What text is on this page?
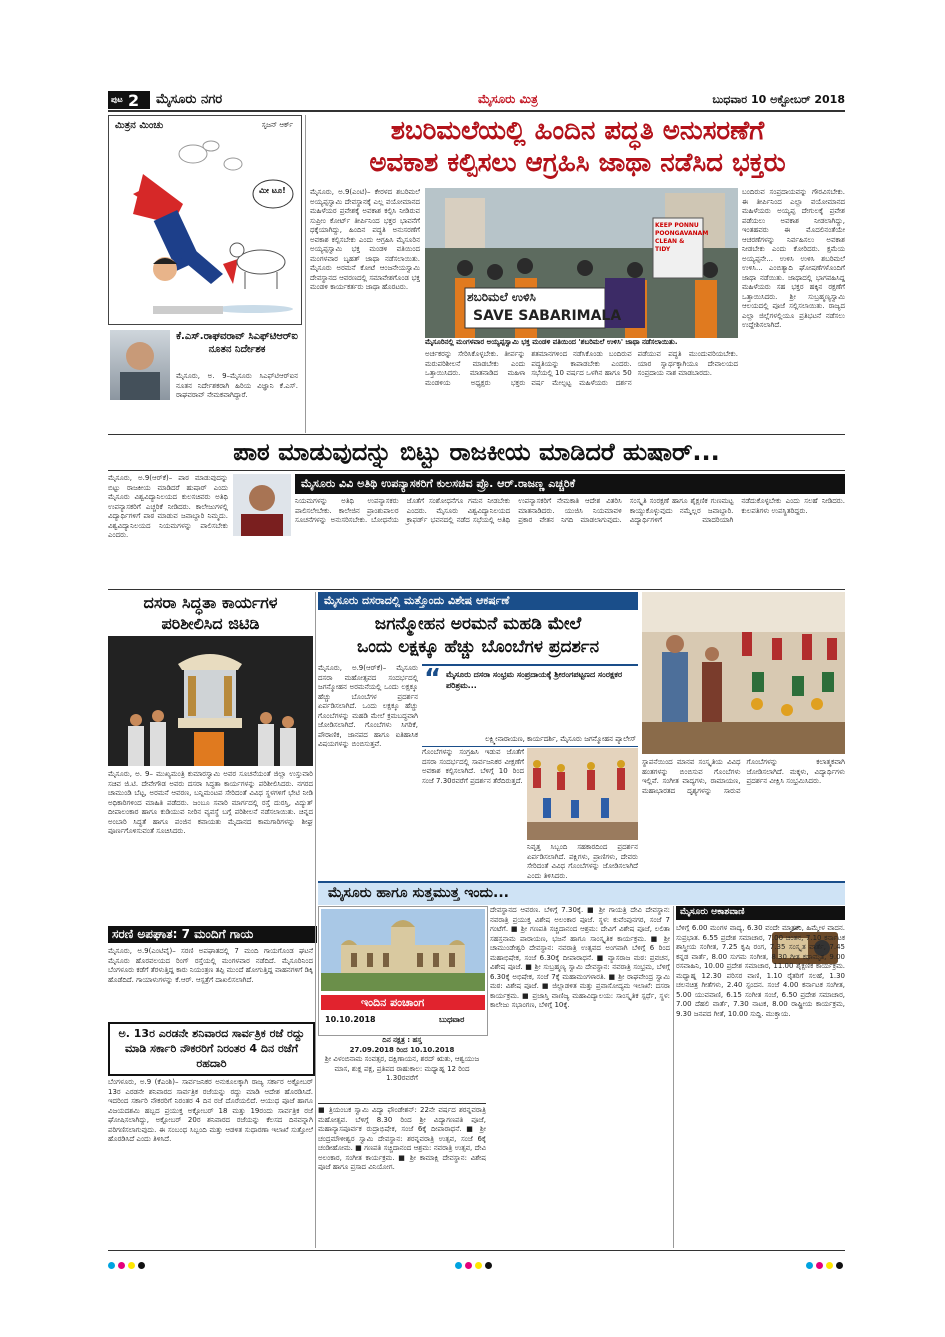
ಪುಟ 2 ಮೈಸೂರು ನಗರ	ಮೈಸೂರು ಮಿತ್ರ	ಬುಧವಾರ 10 ಅಕ್ಟೋಬರ್ 2018
ಮಿತ್ರನ ಮಿಂಚು	ಸೃಜನ್ ಆರ್ಕ್
ಮೀ ಟೂ!
ಕೆ.ಎಸ್.ರಾಘವರಾವ್ ಸಿಎಫ್‌ಟಿಆರ್‌ಐ ನೂತನ ನಿರ್ದೇಶಕ
ಮೈಸೂರು, ಅ. 9–ಮೈಸೂರು ಸಿಎಫ್‌ಟಿಆರ್‌ಐನ ನೂತನ ನಿರ್ದೇಶಕರಾಗಿ ಹಿರಿಯ ವಿಜ್ಞಾನಿ ಕೆ.ಎಸ್. ರಾಘವರಾವ್ ನೇಮಕವಾಗಿದ್ದಾರೆ.
ಶಬರಿಮಲೆಯಲ್ಲಿ ಹಿಂದಿನ ಪದ್ಧತಿ ಅನುಸರಣೆಗೆ
ಅವಕಾಶ ಕಲ್ಪಿಸಲು ಆಗ್ರಹಿಸಿ ಜಾಥಾ ನಡೆಸಿದ ಭಕ್ತರು
ಮೈಸೂರು, ಅ.9(ಎಂಟಿ)– ಕೇರಳದ ಶಬರಿಮಲೆ ಅಯ್ಯಪ್ಪಸ್ವಾಮಿ ದೇವಸ್ಥಾನಕ್ಕೆ ಎಲ್ಲ ವಯೋಮಾನದ ಮಹಿಳೆಯರ ಪ್ರವೇಶಕ್ಕೆ ಅವಕಾಶ ಕಲ್ಪಿಸಿ ನೀಡಿರುವ ಸುಪ್ರೀಂ ಕೋರ್ಟ್‌ ತೀರ್ಪಿನಿಂದ ಭಕ್ತರ ಭಾವನೆಗೆ ಧಕ್ಕೆಯಾಗಿದ್ದು, ಹಿಂದಿನ ಪದ್ಧತಿ ಅನುಸರಣೆಗೆ ಅವಕಾಶ ಕಲ್ಪಿಸಬೇಕು ಎಂದು ಆಗ್ರಹಿಸಿ ಮೈಸೂರಿನ ಅಯ್ಯಪ್ಪಸ್ವಾಮಿ ಭಕ್ತ ಮಂಡಳಿ ವತಿಯಿಂದ ಮಂಗಳವಾರ ಬೃಹತ್ ಜಾಥಾ ನಡೆಸಲಾಯಿತು. ಮೈಸೂರು ಅರಮನೆ ಕೋಟೆ ಆಂಜನೇಯಸ್ವಾಮಿ ದೇವಸ್ಥಾನದ ಆವರಣದಲ್ಲಿ ಸಮಾವೇಶಗೊಂಡ ಭಕ್ತ ಮಂಡಳಿ ಕಾರ್ಯಕರ್ತರು ಜಾಥಾ ಹೊರಟರು.
ಶಬರಿಮಲೆ ಉಳಿಸಿ
SAVE SABARIMALA
KEEP PONNU POONGAVANAM CLEAN & TIDY
ಬಂದಿರುವ ಸಂಪ್ರದಾಯವನ್ನು ಗೌರವಿಸಬೇಕು. ಈ ತೀರ್ಪಿನಿಂದ ಎಲ್ಲಾ ವಯೋಮಾನದ ಮಹಿಳೆಯರು ಅಯ್ಯಪ್ಪ ದೇಗುಲಕ್ಕೆ ಪ್ರವೇಶ ಪಡೆಯಲು ಅವಕಾಶ ನೀಡಲಾಗಿದ್ದು, ಇಂತಹವರು ಈ ಮೊದಲಿನಂತೆಯೇ ಆಚರಣೆಗಳನ್ನು ನಿರ್ವಹಿಸಲು ಅವಕಾಶ ನೀಡಬೇಕು ಎಂದು ಕೋರಿದರು. ಕ್ಷಮೆಯ ಅಯ್ಯಪ್ಪನೇ... ಉಳಿಸಿ ಉಳಿಸಿ ಶಬರಿಮಲೆ ಉಳಿಸಿ... ಎಂಬಿತ್ಯಾದಿ ಘೋಷಣೆಗಳೊಂದಿಗೆ ಜಾಥಾ ನಡೆಯಿತು. ಜಾಥಾದಲ್ಲಿ ಭಾಗವಹಿಸಿದ್ದ ಮಹಿಳೆಯರು ಸಹ ಭಕ್ತರ ಹಕ್ಕಿನ ರಕ್ಷಣೆಗೆ ಒತ್ತಾಯಿಸಿದರು. ಶ್ರೀ ಸುಬ್ರಹ್ಮಣ್ಯಸ್ವಾಮಿ ಆಲಯದಲ್ಲಿ ಪೂಜೆ ಸಲ್ಲಿಸಲಾಯಿತು. ರಾಜ್ಯದ ಎಲ್ಲಾ ಜಿಲ್ಲೆಗಳಲ್ಲಿಯೂ ಪ್ರತಿಭಟನೆ ನಡೆಸಲು ಉದ್ದೇಶಿಸಲಾಗಿದೆ.
ಮೈಸೂರಿನಲ್ಲಿ ಮಂಗಳವಾರ ಅಯ್ಯಪ್ಪಸ್ವಾಮಿ ಭಕ್ತ ಮಂಡಳಿ ವತಿಯಿಂದ 'ಶಬರಿಮಲೆ ಉಳಿಸಿ' ಜಾಥಾ ನಡೆಸಲಾಯಿತು.
ಅರ್ಚಕರನ್ನು ಸೇರಿಸಿಕೊಳ್ಳಬೇಕು. ತೀರ್ಪನ್ನು ಮರುಪರಿಶೀಲನೆ ಮಾಡಬೇಕು ಎಂದು ಒತ್ತಾಯಿಸಿದರು. ಮಾತನಾಡಿದ ಮಹಿಳಾ ಮಂಡಳಿಯ ಅಧ್ಯಕ್ಷರು ಭಕ್ತರು ಶತಮಾನಗಳಿಂದ ನಡೆಸಿಕೊಂಡು ಬಂದಿರುವ ಪದ್ಧತಿಯನ್ನು ಕಾಪಾಡಬೇಕು ಎಂದರು. ಸಭೆಯಲ್ಲಿ 10 ವರ್ಷದ ಒಳಗಿನ ಹಾಗೂ 50 ವರ್ಷ ಮೇಲ್ಪಟ್ಟ ಮಹಿಳೆಯರು ದರ್ಶನ ಪಡೆಯುವ ಪದ್ಧತಿ ಮುಂದುವರಿಯಬೇಕು. ಯಾರ ಸ್ವಾರ್ಥಕ್ಕಾಗಿಯೂ ದೇವಾಲಯದ ಸಂಪ್ರದಾಯ ನಾಶ ಮಾಡಬಾರದು.
ಪಾಠ ಮಾಡುವುದನ್ನು ಬಿಟ್ಟು ರಾಜಕೀಯ ಮಾಡಿದರೆ ಹುಷಾರ್...
ಮೈಸೂರು, ಅ.9(ಆರ್‌ಕೆ)– ಪಾಠ ಮಾಡುವುದನ್ನು ಬಿಟ್ಟು ರಾಜಕೀಯ ಮಾಡಿದರೆ ಹುಷಾರ್ ಎಂದು ಮೈಸೂರು ವಿಶ್ವವಿದ್ಯಾನಿಲಯದ ಕುಲಸಚಿವರು ಅತಿಥಿ ಉಪನ್ಯಾಸಕರಿಗೆ ಎಚ್ಚರಿಕೆ ನೀಡಿದರು. ಕಾಲೇಜುಗಳಲ್ಲಿ ವಿದ್ಯಾರ್ಥಿಗಳಿಗೆ ಪಾಠ ಮಾಡುವ ಜವಾಬ್ದಾರಿ ನಿಮ್ಮದು. ವಿಶ್ವವಿದ್ಯಾನಿಲಯದ ನಿಯಮಗಳನ್ನು ಪಾಲಿಸಬೇಕು ಎಂದರು.
ಮೈಸೂರು ವಿವಿ ಅತಿಥಿ ಉಪನ್ಯಾಸಕರಿಗೆ ಕುಲಸಚಿವ ಪ್ರೊ. ಆರ್.ರಾಜಣ್ಣ ಎಚ್ಚರಿಕೆ
ನಿಯಮಗಳನ್ನು ಅತಿಥಿ ಉಪನ್ಯಾಸಕರು ಪಾಲಿಸಲೇಬೇಕು. ಕಾಲೇಜಿನ ಪ್ರಾಂಶುಪಾಲರ ಸೂಚನೆಗಳನ್ನು ಅನುಸರಿಸಬೇಕು. ಬೋಧನೆಯ ಜೊತೆಗೆ ಸಂಶೋಧನೆಗೂ ಗಮನ ನೀಡಬೇಕು ಎಂದರು. ಮೈಸೂರು ವಿಶ್ವವಿದ್ಯಾನಿಲಯದ ಕ್ರಾಫರ್ಡ್ ಭವನದಲ್ಲಿ ನಡೆದ ಸಭೆಯಲ್ಲಿ ಅತಿಥಿ ಉಪನ್ಯಾಸಕರಿಗೆ ನೇಮಕಾತಿ ಆದೇಶ ವಿತರಿಸಿ ಮಾತನಾಡಿದರು. ಯುಜಿಸಿ ನಿಯಮಾವಳಿ ಪ್ರಕಾರ ವೇತನ ನಿಗದಿ ಮಾಡಲಾಗುವುದು. ಸಂಸ್ಕೃತಿ ಸಂರಕ್ಷಣೆ ಹಾಗೂ ಶೈಕ್ಷಣಿಕ ಗುಣಮಟ್ಟ ಕಾಯ್ದುಕೊಳ್ಳುವುದು ನಮ್ಮೆಲ್ಲರ ಜವಾಬ್ದಾರಿ. ವಿದ್ಯಾರ್ಥಿಗಳಿಗೆ ಮಾದರಿಯಾಗಿ ನಡೆದುಕೊಳ್ಳಬೇಕು ಎಂದು ಸಲಹೆ ನೀಡಿದರು. ಕುಲಪತಿಗಳು ಉಪಸ್ಥಿತರಿದ್ದರು.
ದಸರಾ ಸಿದ್ಧತಾ ಕಾರ್ಯಗಳ
ಪರಿಶೀಲಿಸಿದ ಜಿಟಿಡಿ
ಮೈಸೂರು, ಅ. 9– ಮುಖ್ಯಮಂತ್ರಿ ಕುಮಾರಸ್ವಾಮಿ ಅವರ ಸೂಚನೆಯಂತೆ ಜಿಲ್ಲಾ ಉಸ್ತುವಾರಿ ಸಚಿವ ಜಿ.ಟಿ. ದೇವೇಗೌಡ ಅವರು ದಸರಾ ಸಿದ್ಧತಾ ಕಾರ್ಯಗಳನ್ನು ಪರಿಶೀಲಿಸಿದರು. ನಗರದ ಚಾಮುಂಡಿ ಬೆಟ್ಟ, ಅರಮನೆ ಆವರಣ, ಬನ್ನಿಮಂಟಪ ಸೇರಿದಂತೆ ವಿವಿಧ ಸ್ಥಳಗಳಿಗೆ ಭೇಟಿ ನೀಡಿ ಅಧಿಕಾರಿಗಳಿಂದ ಮಾಹಿತಿ ಪಡೆದರು. ಜಂಬೂ ಸವಾರಿ ಮಾರ್ಗದಲ್ಲಿ ರಸ್ತೆ ದುರಸ್ತಿ, ವಿದ್ಯುತ್ ದೀಪಾಲಂಕಾರ ಹಾಗೂ ಕುಡಿಯುವ ನೀರಿನ ವ್ಯವಸ್ಥೆ ಬಗ್ಗೆ ಪರಿಶೀಲನೆ ನಡೆಸಲಾಯಿತು. ಚಿನ್ನದ ಅಂಬಾರಿ ಸಿದ್ಧತೆ ಹಾಗೂ ಪಂಜಿನ ಕವಾಯತು ಮೈದಾನದ ಕಾಮಗಾರಿಗಳನ್ನು ಶೀಘ್ರ ಪೂರ್ಣಗೊಳಿಸುವಂತೆ ಸೂಚಿಸಿದರು.
ಸರಣಿ ಅಪಘಾತ: 7 ಮಂದಿಗೆ ಗಾಯ
ಮೈಸೂರು, ಅ.9(ಎಂಟಿವೈ)– ಸರಣಿ ಅಪಘಾತದಲ್ಲಿ 7 ಮಂದಿ ಗಾಯಗೊಂಡ ಘಟನೆ ಮೈಸೂರು ಹೊರವಲಯದ ರಿಂಗ್ ರಸ್ತೆಯಲ್ಲಿ ಮಂಗಳವಾರ ನಡೆದಿದೆ. ಮೈಸೂರಿನಿಂದ ಬೆಂಗಳೂರು ಕಡೆಗೆ ತೆರಳುತ್ತಿದ್ದ ಕಾರು ನಿಯಂತ್ರಣ ತಪ್ಪಿ ಮುಂದೆ ಹೋಗುತ್ತಿದ್ದ ವಾಹನಗಳಿಗೆ ಡಿಕ್ಕಿ ಹೊಡೆದಿದೆ. ಗಾಯಾಳುಗಳನ್ನು ಕೆ.ಆರ್. ಆಸ್ಪತ್ರೆಗೆ ದಾಖಲಿಸಲಾಗಿದೆ.
ಅ. 13ರ ಎರಡನೇ ಶನಿವಾರದ ಸಾರ್ವತ್ರಿಕ ರಜೆ ರದ್ದು ಮಾಡಿ ಸರ್ಕಾರಿ ನೌಕರರಿಗೆ ನಿರಂತರ 4 ದಿನ ರಜೆಗೆ ರಹದಾರಿ
ಬೆಂಗಳೂರು, ಅ.9 (ಕೆಎಂಶಿ)– ಸಾರ್ವಜನಿಕರ ಅನುಕೂಲಕ್ಕಾಗಿ ರಾಜ್ಯ ಸರ್ಕಾರ ಅಕ್ಟೋಬರ್ 13ರ ಎರಡನೇ ಶನಿವಾರದ ಸಾರ್ವತ್ರಿಕ ರಜೆಯನ್ನು ರದ್ದು ಮಾಡಿ ಆದೇಶ ಹೊರಡಿಸಿದೆ. ಇದರಿಂದ ಸರ್ಕಾರಿ ನೌಕರರಿಗೆ ನಿರಂತರ 4 ದಿನ ರಜೆ ದೊರೆಯಲಿದೆ. ಆಯುಧ ಪೂಜೆ ಹಾಗೂ ವಿಜಯದಶಮಿ ಹಬ್ಬದ ಪ್ರಯುಕ್ತ ಅಕ್ಟೋಬರ್ 18 ಮತ್ತು 19ರಂದು ಸಾರ್ವತ್ರಿಕ ರಜೆ ಘೋಷಿಸಲಾಗಿದ್ದು, ಅಕ್ಟೋಬರ್ 20ರ ಶನಿವಾರದ ರಜೆಯನ್ನು ಕೆಲಸದ ದಿನವನ್ನಾಗಿ ಪರಿಗಣಿಸಲಾಗುವುದು. ಈ ಸಂಬಂಧ ಸಿಬ್ಬಂದಿ ಮತ್ತು ಆಡಳಿತ ಸುಧಾರಣಾ ಇಲಾಖೆ ಸುತ್ತೋಲೆ ಹೊರಡಿಸಿದೆ ಎಂದು ತಿಳಿಸಿದೆ.
ಮೈಸೂರು ದಸರಾದಲ್ಲಿ ಮತ್ತೊಂದು ವಿಶೇಷ ಆಕರ್ಷಣೆ
ಜಗನ್ಮೋಹನ ಅರಮನೆ ಮಹಡಿ ಮೇಲೆ
ಒಂದು ಲಕ್ಷಕ್ಕೂ ಹೆಚ್ಚು ಬೊಂಬೆಗಳ ಪ್ರದರ್ಶನ
ಮೈಸೂರು, ಅ.9(ಆರ್‌ಕೆ)– ಮೈಸೂರು ದಸರಾ ಮಹೋತ್ಸವದ ಸಂದರ್ಭದಲ್ಲಿ ಜಗನ್ಮೋಹನ ಅರಮನೆಯಲ್ಲಿ ಒಂದು ಲಕ್ಷಕ್ಕೂ ಹೆಚ್ಚು ಬೊಂಬೆಗಳ ಪ್ರದರ್ಶನ ಏರ್ಪಡಿಸಲಾಗಿದೆ. ಒಂದು ಲಕ್ಷಕ್ಕೂ ಹೆಚ್ಚು ಗೊಂಬೆಗಳನ್ನು ಮಹಡಿ ಮೇಲೆ ಕ್ರಮಬದ್ಧವಾಗಿ ಜೋಡಿಸಲಾಗಿದೆ. ಗೊಂಬೆಗಳು ಸಿಗರಿಕೆ, ಪೌರಾಣಿಕ, ಜಾನಪದ ಹಾಗೂ ಐತಿಹಾಸಿಕ ವಿಷಯಗಳನ್ನು ಬಿಂಬಿಸುತ್ತವೆ.
“ ಮೈಸೂರು ದಸರಾ ಸಂಭ್ರಮ ಸಂಪ್ರದಾಯಕ್ಕೆ ಶ್ರೀರಂಗಪಟ್ಟಣದ ಸಂರಕ್ಷಕರ ಪರಿಶ್ರಮ...
ಲಕ್ಷ್ಮೀನಾರಾಯಣ, ಕಾರ್ಯದರ್ಶಿ, ಮೈಸೂರು ಜಗನ್ಮೋಹನ ಪ್ಯಾಲೇಸ್
ಗೊಂಬೆಗಳನ್ನು ಸಂಗ್ರಹಿಸಿ ಇಡುವ ಜೊತೆಗೆ ದಸರಾ ಸಂದರ್ಭದಲ್ಲಿ ಸಾರ್ವಜನಿಕರ ವೀಕ್ಷಣೆಗೆ ಅವಕಾಶ ಕಲ್ಪಿಸಲಾಗಿದೆ. ಬೆಳಿಗ್ಗೆ 10 ರಿಂದ ಸಂಜೆ 7.30ರವರೆಗೆ ಪ್ರದರ್ಶನ ತೆರೆದಿರುತ್ತದೆ.
ನಿವೃತ್ತ ಸಿಬ್ಬಂದಿ ಸಹಕಾರದಿಂದ ಪ್ರದರ್ಶನ ಏರ್ಪಡಿಸಲಾಗಿದೆ. ಪಕ್ಷಿಗಳು, ಪ್ರಾಣಿಗಳು, ದೇವರು ಸೇರಿದಂತೆ ವಿವಿಧ ಗೊಂಬೆಗಳನ್ನು ಜೋಡಿಸಲಾಗಿದೆ ಎಂದು ತಿಳಿಸಿದರು.
ಸ್ಥಾಪನೆಯಿಂದ ಮಾನವ ಸಂಸ್ಕೃತಿಯ ವಿವಿಧ ಹಂತಗಳನ್ನು ಬಿಂಬಿಸುವ ಗೊಂಬೆಗಳು ಇಲ್ಲಿವೆ. ಸಂಗೀತ ವಾದ್ಯಗಳು, ರಾಮಾಯಣ, ಮಹಾಭಾರತದ ದೃಶ್ಯಗಳನ್ನು ಸಾರುವ ಗೊಂಬೆಗಳನ್ನು ಕಲಾತ್ಮಕವಾಗಿ ಜೋಡಿಸಲಾಗಿದೆ. ಮಕ್ಕಳು, ವಿದ್ಯಾರ್ಥಿಗಳು ಪ್ರದರ್ಶನ ವೀಕ್ಷಿಸಿ ಸಂಭ್ರಮಿಸಿದರು.
ಮೈಸೂರು ಹಾಗೂ ಸುತ್ತಮುತ್ತ ಇಂದು...
ಇಂದಿನ ಪಂಚಾಂಗ
10.10.2018	ಬುಧವಾರ
ದಿನ ನಕ್ಷತ್ರ : ಹಸ್ತ
27.09.2018 ರಿಂದ 10.10.2018
ಶ್ರೀ ವಿಳಂಬಿನಾಮ ಸಂವತ್ಸರ, ದಕ್ಷಿಣಾಯನ, ಶರದ್ ಋತು, ಆಶ್ವಯುಜ ಮಾಸ, ಶುಕ್ಲ ಪಕ್ಷ, ಪ್ರತಿಪದ ರಾಹುಕಾಲ: ಮಧ್ಯಾಹ್ನ 12 ರಿಂದ 1.30ರವರೆಗೆ
■ ತ್ರಿಯಂಬಕ ಸ್ವಾಮಿ ವಿದ್ಯಾ ಫೌಂಡೇಶನ್: 22ನೇ ವರ್ಷದ ಶರನ್ನವರಾತ್ರಿ ಮಹೋತ್ಸವ. ಬೆಳಿಗ್ಗೆ 8.30 ರಿಂದ ಶ್ರೀ ವಿದ್ಯಾಗಣಪತಿ ಪೂಜೆ, ಮಹಾನ್ಯಾಸಪೂರ್ವಕ ರುದ್ರಾಭಿಷೇಕ, ಸಂಜೆ 6ಕ್ಕೆ ದೀಪಾರಾಧನೆ. ■ ಶ್ರೀ ಚಂದ್ರಮೌಳೀಶ್ವರ ಸ್ವಾಮಿ ದೇವಸ್ಥಾನ: ಶರನ್ನವರಾತ್ರಿ ಉತ್ಸವ, ಸಂಜೆ 6ಕ್ಕೆ ಚಂಡೀಹೋಮ. ■ ಗಣಪತಿ ಸಚ್ಚಿದಾನಂದ ಆಶ್ರಮ: ನವರಾತ್ರಿ ಉತ್ಸವ, ದೇವಿ ಅಲಂಕಾರ, ಸಂಗೀತ ಕಾರ್ಯಕ್ರಮ. ■ ಶ್ರೀ ಕಾಮಾಕ್ಷಿ ದೇವಸ್ಥಾನ: ವಿಶೇಷ ಪೂಜೆ ಹಾಗೂ ಪ್ರಸಾದ ವಿನಿಯೋಗ.
ದೇವಸ್ಥಾನದ ಆವರಣ. ಬೆಳಿಗ್ಗೆ 7.30ಕ್ಕೆ. ■ ಶ್ರೀ ಗಾಯತ್ರಿ ದೇವಿ ದೇವಸ್ಥಾನ: ನವರಾತ್ರಿ ಪ್ರಯುಕ್ತ ವಿಶೇಷ ಅಲಂಕಾರ ಪೂಜೆ. ಸ್ಥಳ: ಕುವೆಂಪುನಗರ, ಸಂಜೆ 7 ಗಂಟೆಗೆ. ■ ಶ್ರೀ ಗಣಪತಿ ಸಚ್ಚಿದಾನಂದ ಆಶ್ರಮ: ದೇವಿಗೆ ವಿಶೇಷ ಪೂಜೆ, ಲಲಿತಾ ಸಹಸ್ರನಾಮ ಪಾರಾಯಣ, ಭಜನೆ ಹಾಗೂ ಸಾಂಸ್ಕೃತಿಕ ಕಾರ್ಯಕ್ರಮ. ■ ಶ್ರೀ ಚಾಮುಂಡೇಶ್ವರಿ ದೇವಸ್ಥಾನ: ನವರಾತ್ರಿ ಉತ್ಸವದ ಅಂಗವಾಗಿ ಬೆಳಿಗ್ಗೆ 6 ರಿಂದ ಮಹಾಭಿಷೇಕ, ಸಂಜೆ 6.30ಕ್ಕೆ ದೀಪಾರಾಧನೆ. ■ ವ್ಯಾಸರಾಜ ಮಠ: ಪ್ರವಚನ, ವಿಶೇಷ ಪೂಜೆ. ■ ಶ್ರೀ ಸುಬ್ರಹ್ಮಣ್ಯ ಸ್ವಾಮಿ ದೇವಸ್ಥಾನ: ನವರಾತ್ರಿ ಸಂಭ್ರಮ, ಬೆಳಿಗ್ಗೆ 6.30ಕ್ಕೆ ಅಭಿಷೇಕ, ಸಂಜೆ 7ಕ್ಕೆ ಮಹಾಮಂಗಳಾರತಿ. ■ ಶ್ರೀ ರಾಘವೇಂದ್ರ ಸ್ವಾಮಿ ಮಠ: ವಿಶೇಷ ಪೂಜೆ. ■ ಜಿಲ್ಲಾಡಳಿತ ಮತ್ತು ಪ್ರವಾಸೋದ್ಯಮ ಇಲಾಖೆ: ದಸರಾ ಕಾರ್ಯಕ್ರಮ. ■ ಪ್ರಜಾಸ್ತಿ ವಾಣಿಜ್ಯ ಮಹಾವಿದ್ಯಾಲಯ: ಸಾಂಸ್ಕೃತಿಕ ಸ್ಪರ್ಧೆ, ಸ್ಥಳ: ಕಾಲೇಜು ಸಭಾಂಗಣ, ಬೆಳಿಗ್ಗೆ 10ಕ್ಕೆ.
ಮೈಸೂರು ಆಕಾಶವಾಣಿ
ಬೆಳಿಗ್ಗೆ 6.00 ಮಂಗಳ ವಾದ್ಯ, 6.30 ವಂದೇ ಮಾತರಂ, ಹಿಮ್ಮೇಳ ವಾದನ. ಸುಪ್ರಭಾತ. 6.55 ಪ್ರದೇಶ ಸಮಾಚಾರ, 7.00 ಚಿಂತನ, 7.10 ಕರ್ನಾಟಕ ಶಾಸ್ತ್ರೀಯ ಸಂಗೀತ, 7.25 ಕೃಷಿ ರಂಗ, 7.35 ಸಂಸ್ಕೃತ ವಾರ್ತೆ, 7.45 ಕನ್ನಡ ವಾರ್ತೆ, 8.00 ಸುಗಮ ಸಂಗೀತ, 8.30 ಗೀತ ಕಥಾಮೃತ, 9.00 ರಸವಾಹಿನಿ, 10.00 ಪ್ರದೇಶ ಸಮಾಚಾರ, 11.00 ಶೈಕ್ಷಣಿಕ ಕಾರ್ಯಕ್ರಮ. ಮಧ್ಯಾಹ್ನ 12.30 ಪರಿಸರ ವಾಣಿ, 1.10 ರೈತರಿಗೆ ಸಲಹೆ, 1.30 ಚಲನಚಿತ್ರ ಗೀತೆಗಳು, 2.40 ಸ್ಪಂದನ. ಸಂಜೆ 4.00 ಕರ್ನಾಟಕ ಸಂಗೀತ, 5.00 ಯುವವಾಣಿ, 6.15 ಸಂಗೀತ ಸಂಜೆ, 6.50 ಪ್ರದೇಶ ಸಮಾಚಾರ, 7.00 ದೆಹಲಿ ವಾರ್ತೆ, 7.30 ನಾಟಕ, 8.00 ರಾಷ್ಟ್ರೀಯ ಕಾರ್ಯಕ್ರಮ, 9.30 ಜನಪದ ಗೀತೆ, 10.00 ಸುದ್ದಿ. ಮುಕ್ತಾಯ.
